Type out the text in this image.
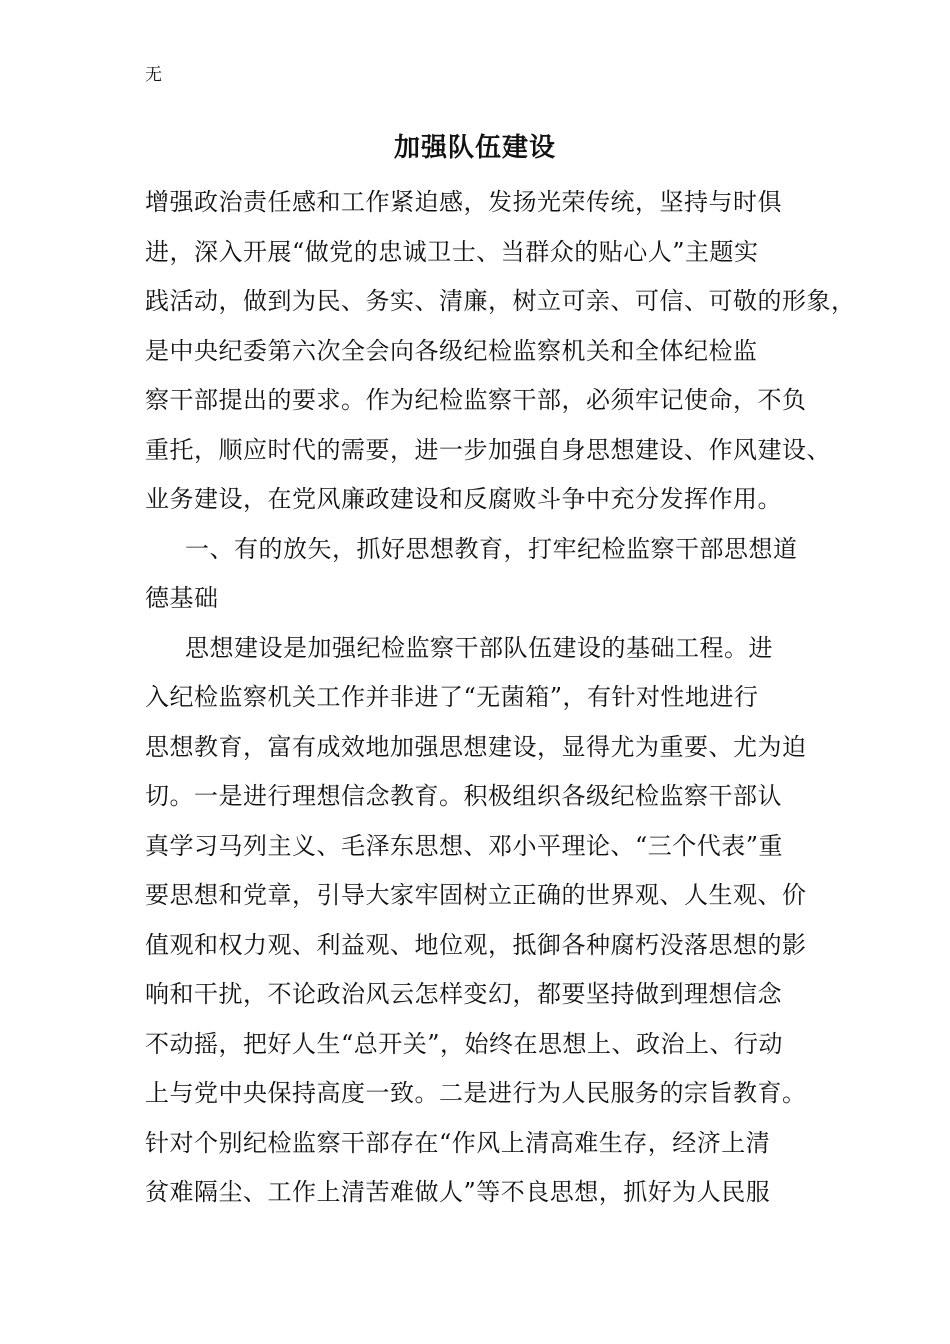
无
加强队伍建设
增强政治责任感和工作紧迫感，发扬光荣传统，坚持与时俱
进，深入开展“做党的忠诚卫士、当群众的贴心人”主题实
践活动，做到为民、务实、清廉，树立可亲、可信、可敬的形象，
是中央纪委第六次全会向各级纪检监察机关和全体纪检监
察干部提出的要求。作为纪检监察干部，必须牢记使命，不负
重托，顺应时代的需要，进一步加强自身思想建设、作风建设、
业务建设，在党风廉政建设和反腐败斗争中充分发挥作用。
一、有的放矢，抓好思想教育，打牢纪检监察干部思想道
德基础
思想建设是加强纪检监察干部队伍建设的基础工程。进
入纪检监察机关工作并非进了“无菌箱”，有针对性地进行
思想教育，富有成效地加强思想建设，显得尤为重要、尤为迫
切。一是进行理想信念教育。积极组织各级纪检监察干部认
真学习马列主义、毛泽东思想、邓小平理论、“三个代表”重
要思想和党章，引导大家牢固树立正确的世界观、人生观、价
值观和权力观、利益观、地位观，抵御各种腐朽没落思想的影
响和干扰，不论政治风云怎样变幻，都要坚持做到理想信念
不动摇，把好人生“总开关”，始终在思想上、政治上、行动
上与党中央保持高度一致。二是进行为人民服务的宗旨教育。
针对个别纪检监察干部存在“作风上清高难生存，经济上清
贫难隔尘、工作上清苦难做人”等不良思想，抓好为人民服
